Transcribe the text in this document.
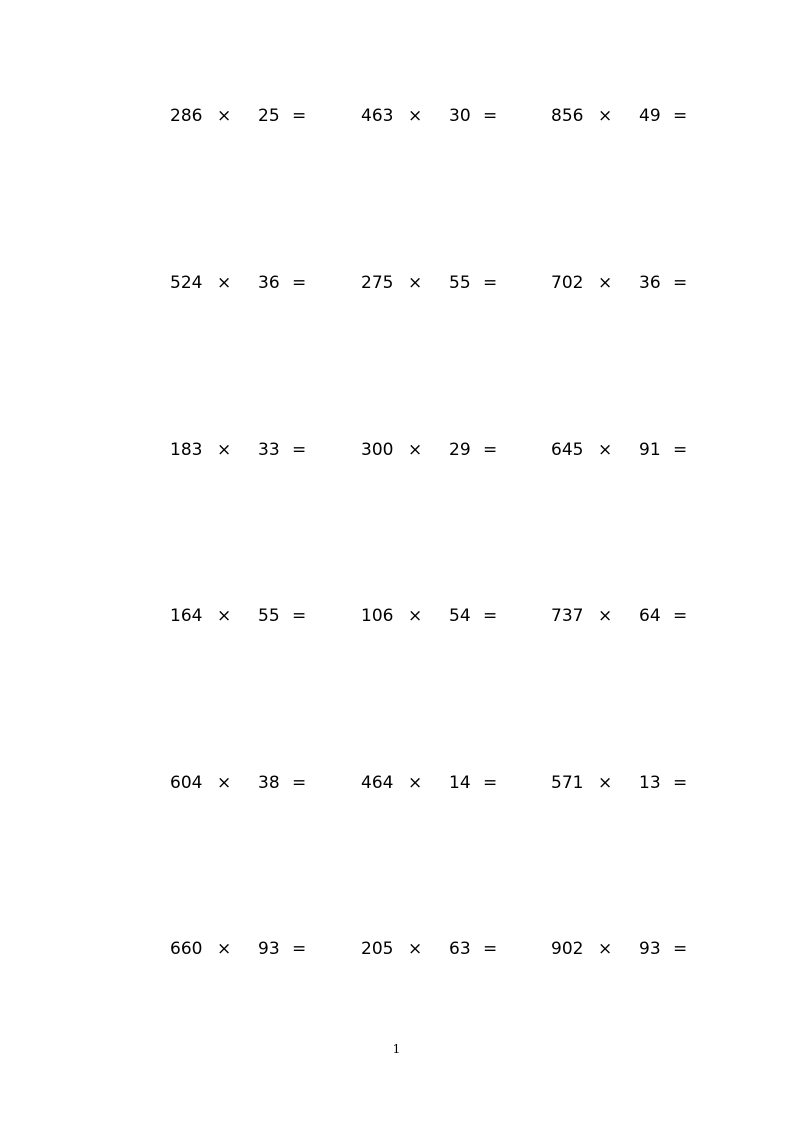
286 × 25 =	463 × 30 =	856 × 49 =
524 × 36 =	275 × 55 =	702 × 36 =
183 × 33 =	300 × 29 =	645 × 91 =
164 × 55 =	106 × 54 =	737 × 64 =
604 × 38 =	464 × 14 =	571 × 13 =
660 × 93 =	205 × 63 =	902 × 93 =
1
